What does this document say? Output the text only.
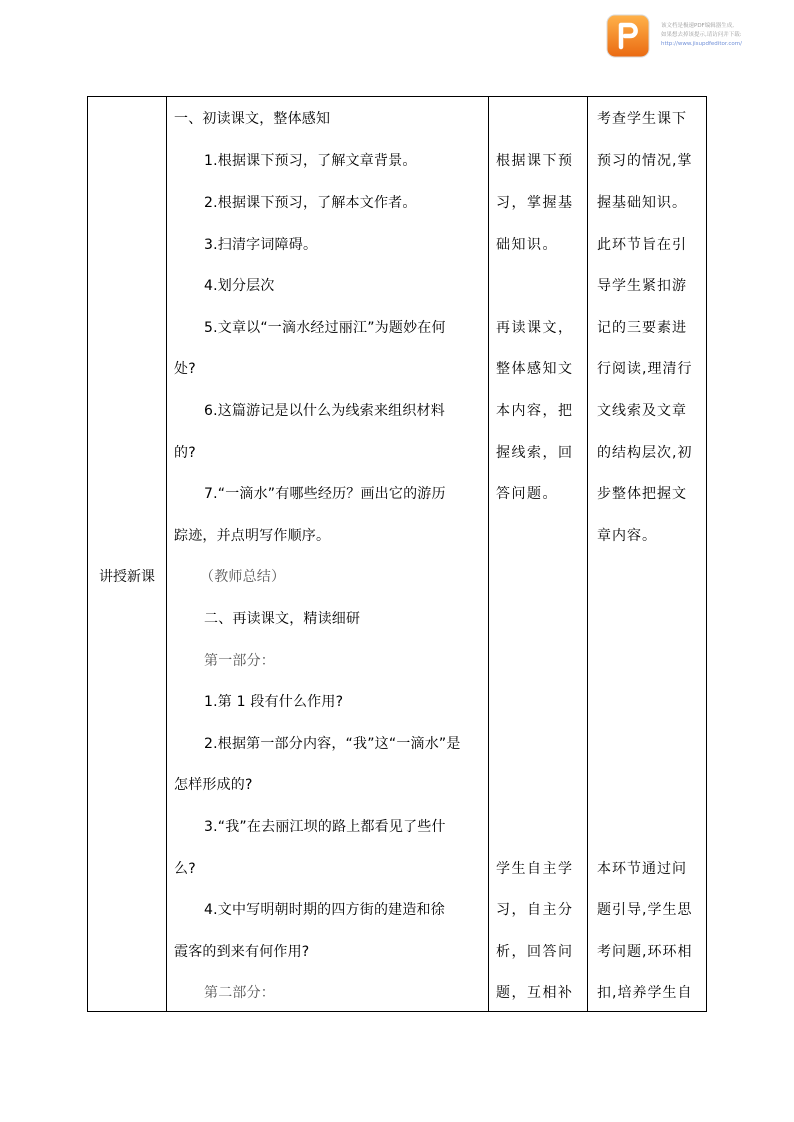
该文档是极速PDF编辑器生成,
如果想去掉该提示,请访问并下载:
http://www.jisupdfeditor.com/
讲授新课
一、初读课文，整体感知
1.根据课下预习，了解文章背景。
2.根据课下预习，了解本文作者。
3.扫清字词障碍。
4.划分层次
5.文章以“一滴水经过丽江”为题妙在何
处?
6.这篇游记是以什么为线索来组织材料
的?
7.“一滴水”有哪些经历？画出它的游历
踪迹，并点明写作顺序。
（教师总结）
二、再读课文，精读细研
第一部分：
1.第 1 段有什么作用?
2.根据第一部分内容，“我”这“一滴水”是
怎样形成的?
3.“我”在去丽江坝的路上都看见了些什
么?
4.文中写明朝时期的四方街的建造和徐
霞客的到来有何作用?
第二部分：
根据课下预
习，掌握基
础知识。
再读课文，
整体感知文
本内容，把
握线索，回
答问题。
学生自主学
习，自主分
析，回答问
题，互相补
考查学生课下
预习的情况,掌
握基础知识。
此环节旨在引
导学生紧扣游
记的三要素进
行阅读,理清行
文线索及文章
的结构层次,初
步整体把握文
章内容。
本环节通过问
题引导,学生思
考问题,环环相
扣,培养学生自
